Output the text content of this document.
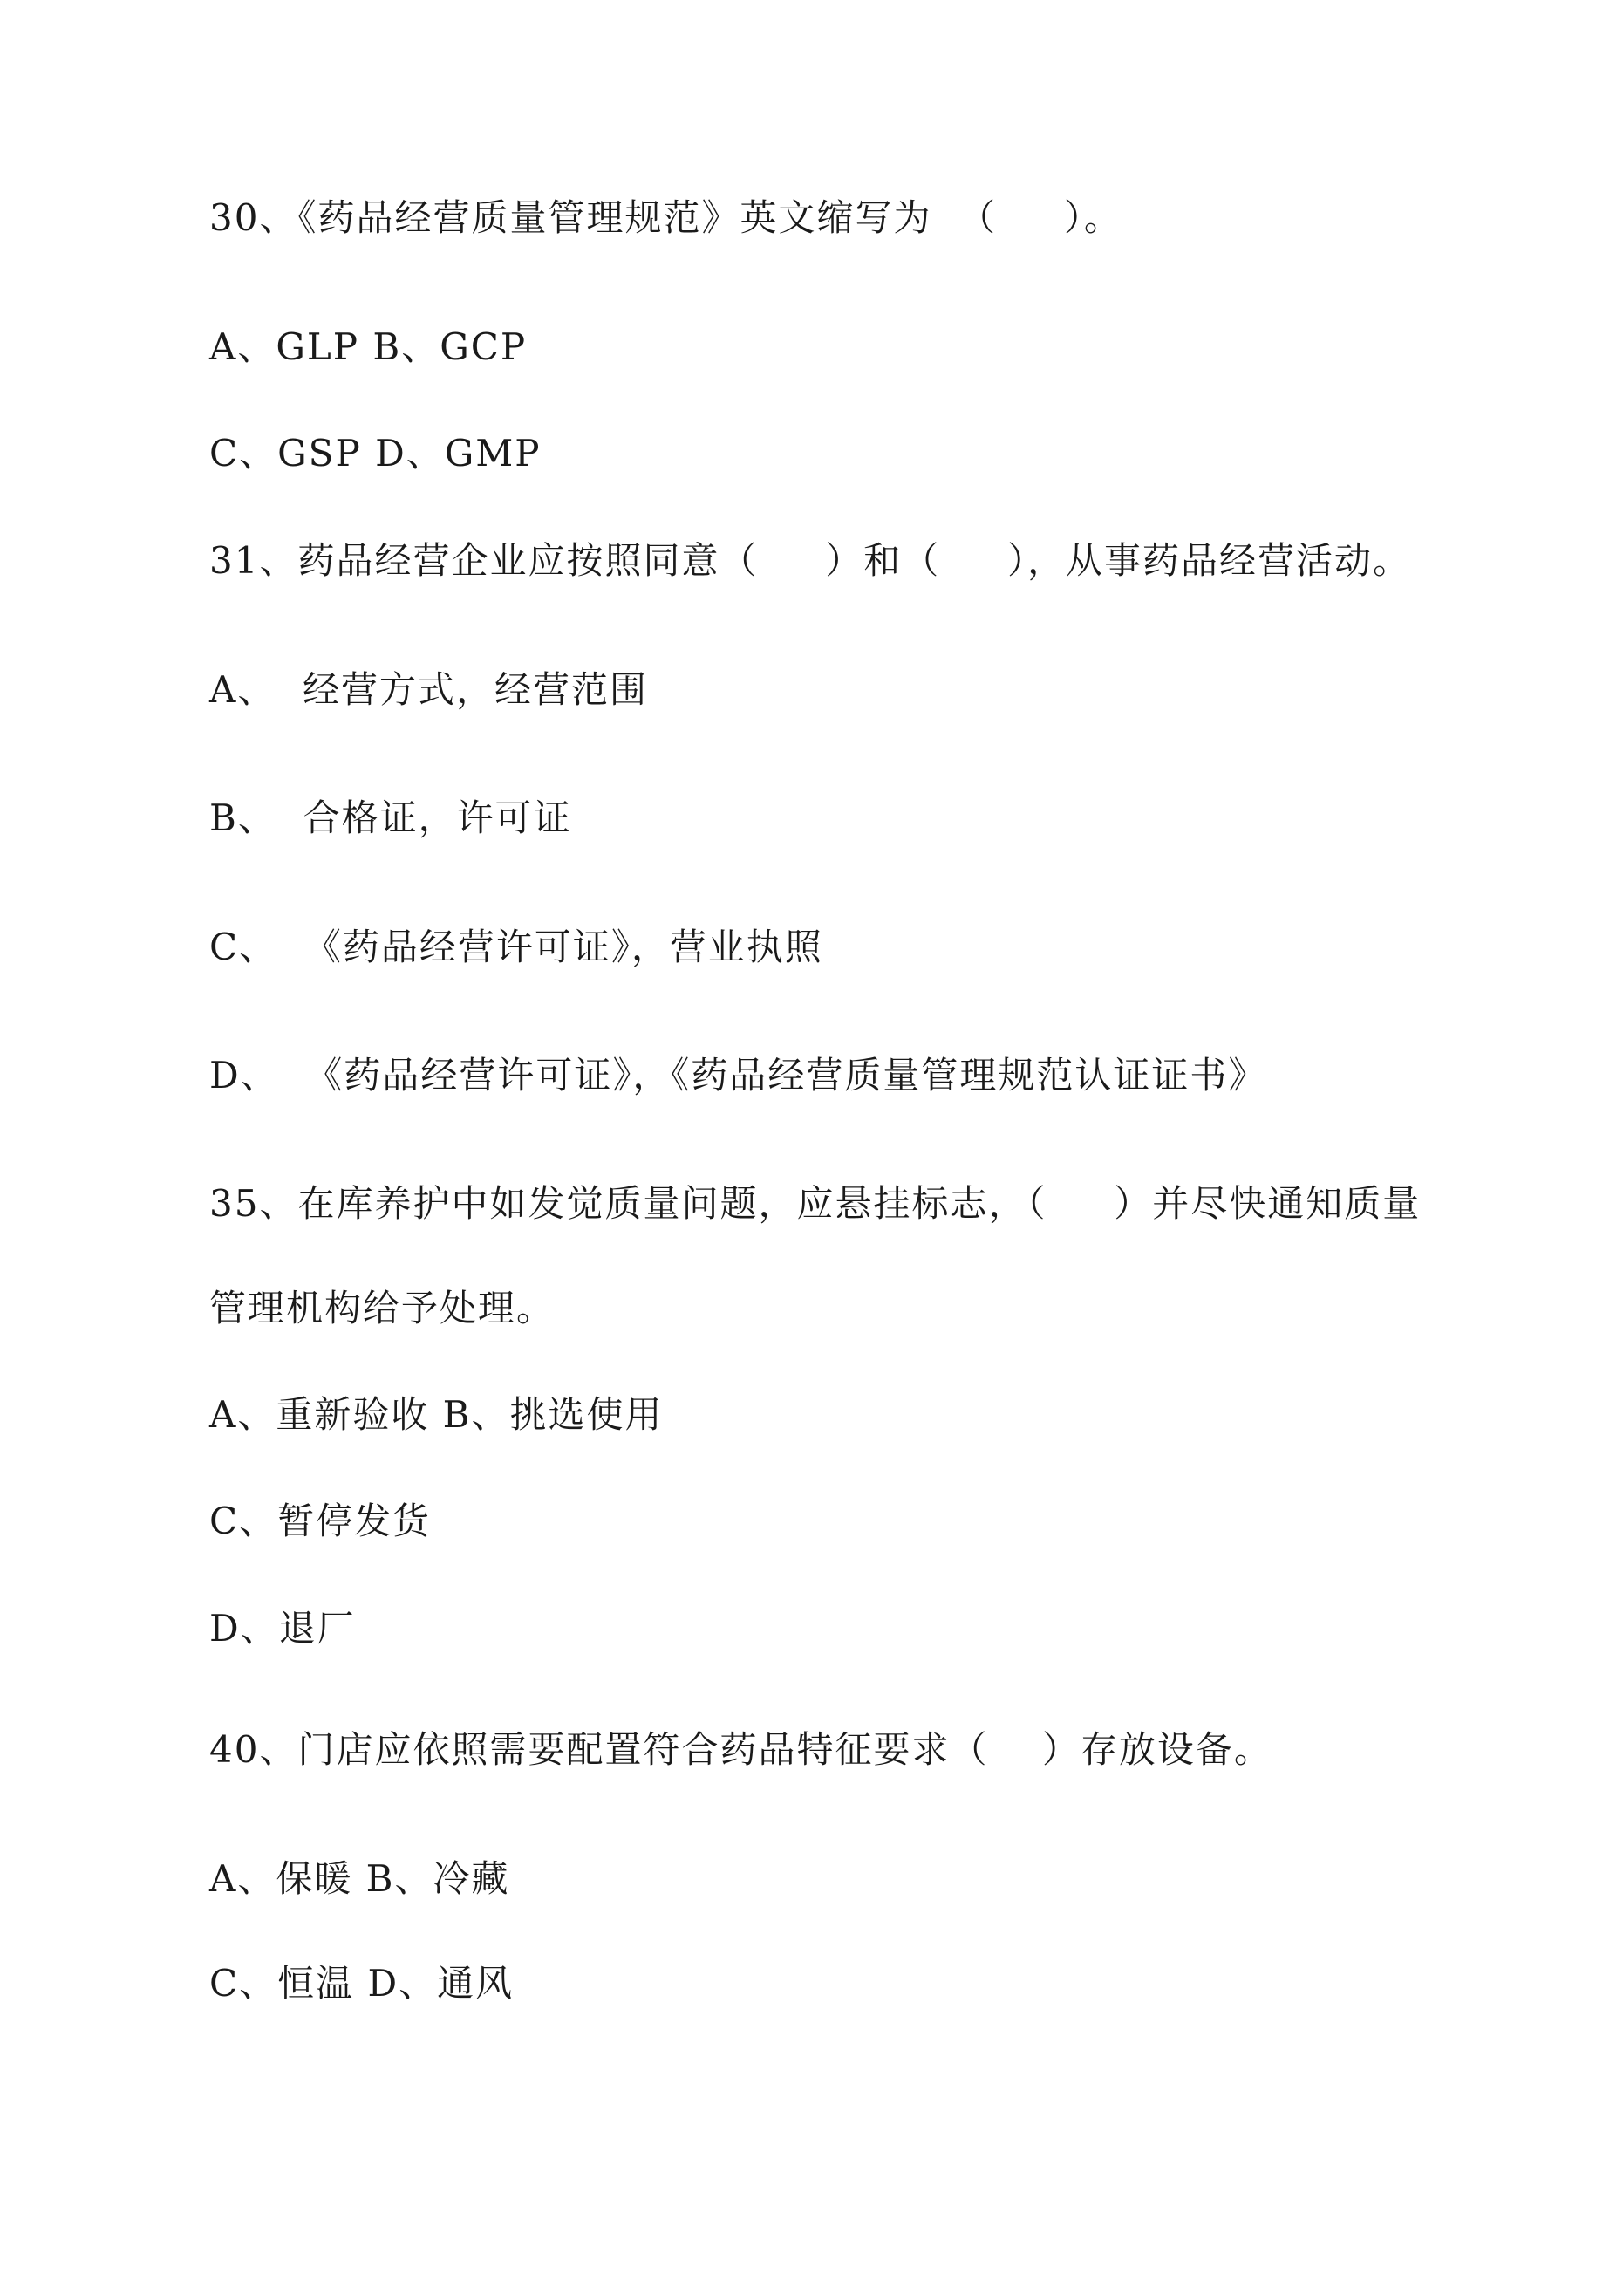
30、《药品经营质量管理规范》英文缩写为  （     ）。

A、GLP B、GCP

C、GSP D、GMP

31、药品经营企业应按照同意（     ）和（     ），从事药品经营活动。

A、  经营方式，经营范围

B、  合格证，许可证

C、  《药品经营许可证》，营业执照

D、  《药品经营许可证》，《药品经营质量管理规范认证证书》

35、在库养护中如发觉质量问题，应悬挂标志，（     ）并尽快通知质量

管理机构给予处理。

A、重新验收 B、挑选使用

C、暂停发货

D、退厂

40、门店应依照需要配置符合药品特征要求（    ）存放设备。

A、保暖 B、冷藏

C、恒温 D、通风
